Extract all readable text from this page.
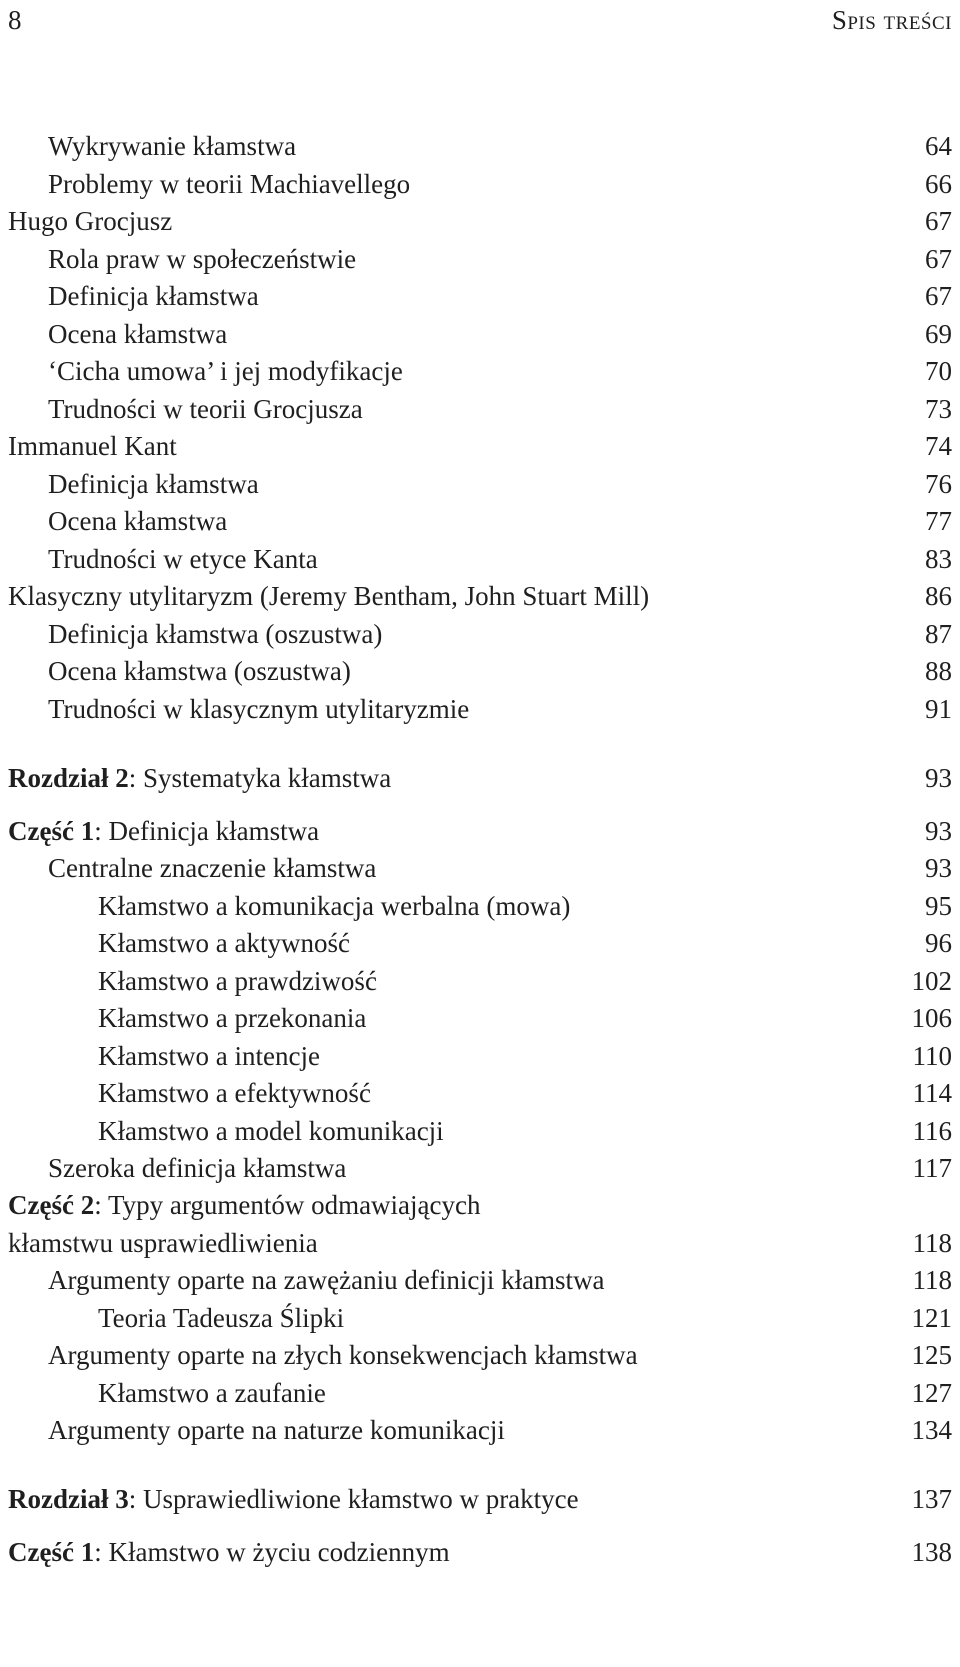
8	Spis treści
Wykrywanie kłamstwa	64
Problemy w teorii Machiavellego	66
Hugo Grocjusz	67
Rola praw w społeczeństwie	67
Definicja kłamstwa	67
Ocena kłamstwa	69
‘Cicha umowa’ i jej modyfikacje	70
Trudności w teorii Grocjusza	73
Immanuel Kant	74
Definicja kłamstwa	76
Ocena kłamstwa	77
Trudności w etyce Kanta	83
Klasyczny utylitaryzm (Jeremy Bentham, John Stuart Mill)	86
Definicja kłamstwa (oszustwa)	87
Ocena kłamstwa (oszustwa)	88
Trudności w klasycznym utylitaryzmie	91
Rozdział 2: Systematyka kłamstwa	93
Część 1: Definicja kłamstwa	93
Centralne znaczenie kłamstwa	93
Kłamstwo a komunikacja werbalna (mowa)	95
Kłamstwo a aktywność	96
Kłamstwo a prawdziwość	102
Kłamstwo a przekonania	106
Kłamstwo a intencje	110
Kłamstwo a efektywność	114
Kłamstwo a model komunikacji	116
Szeroka definicja kłamstwa	117
Część 2: Typy argumentów odmawiających
kłamstwu usprawiedliwienia	118
Argumenty oparte na zawężaniu definicji kłamstwa	118
Teoria Tadeusza Ślipki	121
Argumenty oparte na złych konsekwencjach kłamstwa	125
Kłamstwo a zaufanie	127
Argumenty oparte na naturze komunikacji	134
Rozdział 3: Usprawiedliwione kłamstwo w praktyce	137
Część 1: Kłamstwo w życiu codziennym	138
